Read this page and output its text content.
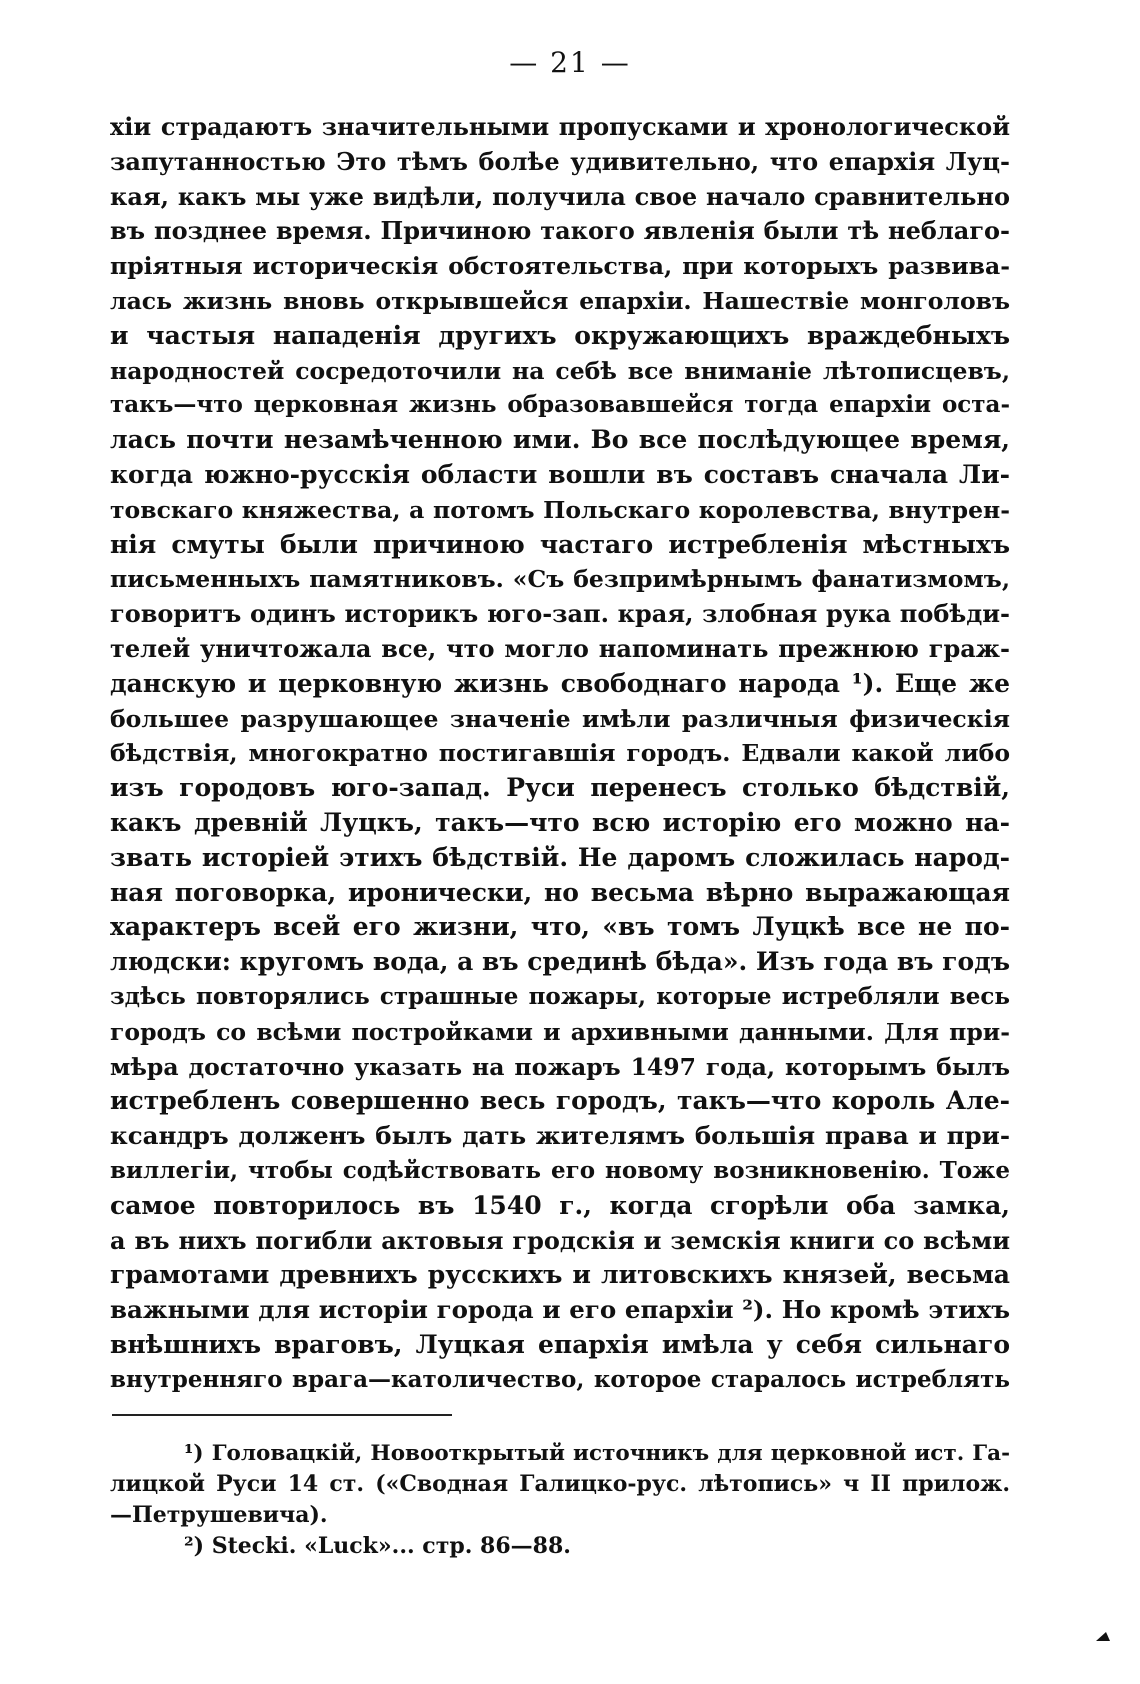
— 21 —
хіи страдаютъ значительными пропусками и хронологической
запутанностью Это тѣмъ болѣе удивительно, что епархія Луц-
кая, какъ мы уже видѣли, получила свое начало сравнительно
въ позднее время. Причиною такого явленія были тѣ неблаго-
пріятныя историческія обстоятельства, при которыхъ развива-
лась жизнь вновь открывшейся епархіи. Нашествіе монголовъ
и частыя нападенія другихъ окружающихъ враждебныхъ
народностей сосредоточили на себѣ все вниманіе лѣтописцевъ,
такъ—что церковная жизнь образовавшейся тогда епархіи оста-
лась почти незамѣченною ими. Во все послѣдующее время,
когда южно-русскія области вошли въ составъ сначала Ли-
товскаго княжества, а потомъ Польскаго королевства, внутрен-
нія смуты были причиною частаго истребленія мѣстныхъ
письменныхъ памятниковъ. «Съ безпримѣрнымъ фанатизмомъ,
говоритъ одинъ историкъ юго-зап. края, злобная рука побѣди-
телей уничтожала все, что могло напоминать прежнюю граж-
данскую и церковную жизнь свободнаго народа ¹). Еще же
большее разрушающее значеніе имѣли различныя физическія
бѣдствія, многократно постигавшія городъ. Едвали какой либо
изъ городовъ юго-запад. Руси перенесъ столько бѣдствій,
какъ древній Луцкъ, такъ—что всю исторію его можно на-
звать исторіей этихъ бѣдствій. Не даромъ сложилась народ-
ная поговорка, иронически, но весьма вѣрно выражающая
характеръ всей его жизни, что, «въ томъ Луцкѣ все не по-
людски: кругомъ вода, а въ срединѣ бѣда». Изъ года въ годъ
здѣсь повторялись страшные пожары, которые истребляли весь
городъ со всѣми постройками и архивными данными. Для при-
мѣра достаточно указать на пожаръ 1497 года, которымъ былъ
истребленъ совершенно весь городъ, такъ—что король Але-
ксандръ долженъ былъ дать жителямъ большія права и при-
виллегіи, чтобы содѣйствовать его новому возникновенію. Тоже
самое повторилось въ 1540 г., когда сгорѣли оба замка,
а въ нихъ погибли актовыя гродскія и земскія книги со всѣми
грамотами древнихъ русскихъ и литовскихъ князей, весьма
важными для исторіи города и его епархіи ²). Но кромѣ этихъ
внѣшнихъ враговъ, Луцкая епархія имѣла у себя сильнаго
внутренняго врага—католичество, которое старалось истреблять
¹) Головацкій, Новооткрытый источникъ для церковной ист. Га-
лицкой Руси 14 ст. («Сводная Галицко-рус. лѣтопись» ч II прилож.
—Петрушевича).
²) Stecki. «Luck»... стр. 86—88.
